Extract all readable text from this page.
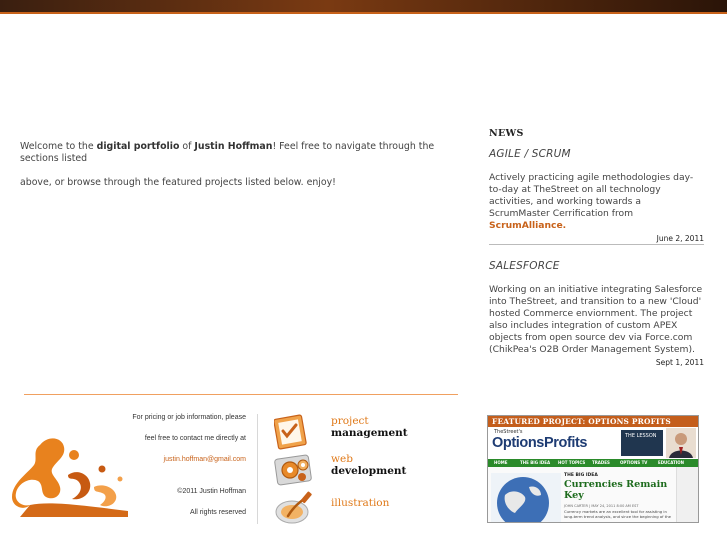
Welcome to the digital portfolio of Justin Hoffman! Feel free to navigate through the sections listed

above, or browse through the featured projects listed below. enjoy!

NEWS
AGILE / SCRUM
Actively practicing agile methodologies day-to-day at TheStreet on all technology activities, and working towards a ScrumMaster Cerrification from ScrumAlliance.
June 2, 2011
SALESFORCE
Working on an initiative integrating Salesforce into TheStreet, and transition to a new 'Cloud' hosted Commerce enviornment. The project also includes integration of custom APEX objects from open source dev via Force.com (ChikPea's O2B Order Management System).
Sept 1, 2011
For pricing or job information, please
feel free to contact me directly at
justin.hoffman@gmail.com
©2011 Justin Hoffman
All rights reserved
project
management
web
development
illustration
FEATURED PROJECT: OPTIONS PROFITS
TheStreet's
OptionsProfits	THE LESSON
HOME	THE BIG IDEA HOT TOPICS TRADES	OPTIONS TV	EDUCATION
THE BIG IDEA
Currencies Remain Key
JOHN CARTER | MAY 24, 2011 8:00 AM EST
Currency markets are an excellent tool for assisting in long-term trend analysis, and since the beginning of the
